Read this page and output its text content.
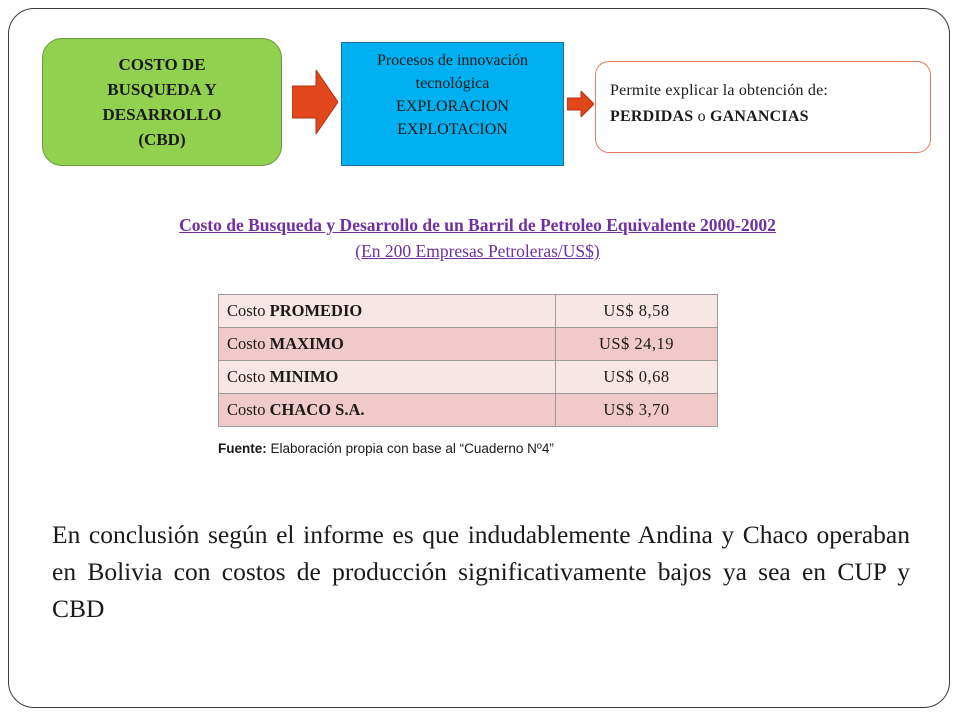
COSTO DE BUSQUEDA Y DESARROLLO (CBD)
Procesos de innovación
tecnológica
EXPLORACION
EXPLOTACION
Permite explicar la obtención de:
PERDIDAS o GANANCIAS
Costo de Busqueda y Desarrollo de un Barril de Petroleo Equivalente 2000-2002
(En 200 Empresas Petroleras/US$)
Costo PROMEDIO	US$ 8,58
Costo MAXIMO	US$ 24,19
Costo MINIMO	US$ 0,68
Costo CHACO S.A.	US$ 3,70
Fuente: Elaboración propia con base al “Cuaderno Nº4”
En conclusión según el informe es que indudablemente Andina y Chaco operaban en Bolivia con costos de producción significativamente bajos ya sea en CUP y CBD
